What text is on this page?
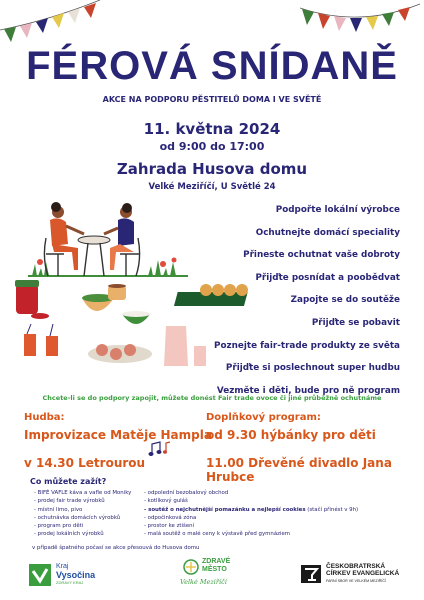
FÉROVÁ SNÍDANĚ
AKCE NA PODPORU PĚSTITELŮ DOMA I VE SVĚTĚ
11. května 2024
od 9:00 do 17:00
Zahrada Husova domu
Velké Meziříčí, U Světlé 24
Podpořte lokální výrobce
Ochutnejte domácí speciality
Přineste ochutnat vaše dobroty
Přijďte posnídat a poobědvat
Zapojte se do soutěže
Přijďte se pobavit
Poznejte fair-trade produkty ze světa
Přijďte si poslechnout super hudbu
Vezměte i děti, bude pro ně program
Chcete-li se do podpory zapojit, můžete donést Fair trade ovoce či jiné průběžně ochutnáme
Hudba:
Improvizace Matěje Hampla
v 14.30 Letrourou
Doplňkový program:
od 9.30 hýbánky pro děti
11.00 Dřevěné divadlo Jana Hrubce
Co můžete zažít?
- BIFÉ VAFLE káva a vafle od Moniky
- prodej fair trade výrobků
- místní limo, pivo
- ochutnávka domácích výrobků
- program pro děti
- prodej lokálních výrobků
- odpolední bezobalový obchod
- kotlíkový guláš
- soutěž o nejchutnější pomazánku a nejlepší cookies (stačí přinést v 9h)
- odpočinková zóna
- prostor ke ztišení
- malá soutěž o malé ceny k výstavě před gymnáziem
v případě špatného počasí se akce přesouvá do Husova domu
Kraj
Vysočina
ZDRAVÝ KRAJ
ZDRAVÉ
MĚSTO
Velké Meziříčí
ČESKOBRATRSKÁ
CÍRKEV EVANGELICKÁ
FARNÍ SBOR VE VELKÉM MEZIŘÍČÍ
